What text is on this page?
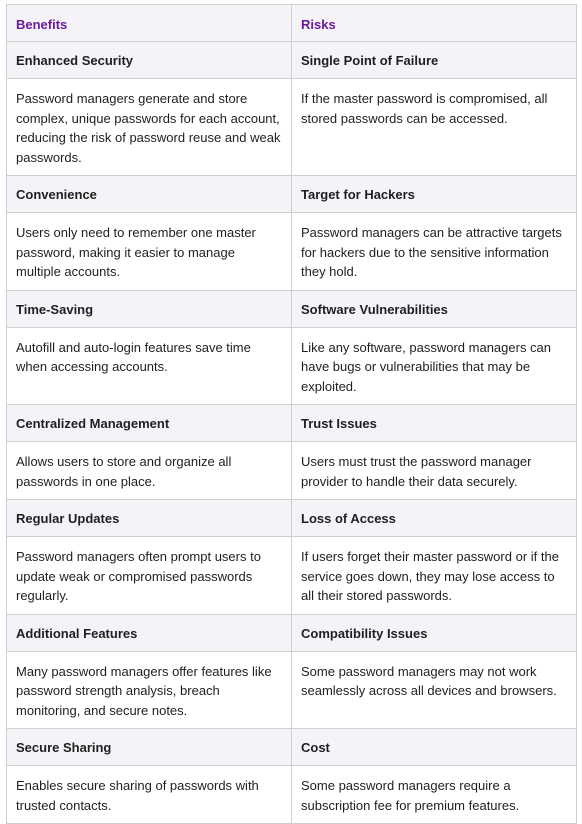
Benefits	Risks
Enhanced Security	Single Point of Failure
Password managers generate and store complex, unique passwords for each account, reducing the risk of password reuse and weak passwords.	If the master password is compromised, all stored passwords can be accessed.
Convenience	Target for Hackers
Users only need to remember one master password, making it easier to manage multiple accounts.	Password managers can be attractive targets for hackers due to the sensitive information they hold.
Time-Saving	Software Vulnerabilities
Autofill and auto-login features save time when accessing accounts.	Like any software, password managers can have bugs or vulnerabilities that may be exploited.
Centralized Management	Trust Issues
Allows users to store and organize all passwords in one place.	Users must trust the password manager provider to handle their data securely.
Regular Updates	Loss of Access
Password managers often prompt users to update weak or compromised passwords regularly.	If users forget their master password or if the service goes down, they may lose access to all their stored passwords.
Additional Features	Compatibility Issues
Many password managers offer features like password strength analysis, breach monitoring, and secure notes.	Some password managers may not work seamlessly across all devices and browsers.
Secure Sharing	Cost
Enables secure sharing of passwords with trusted contacts.	Some password managers require a subscription fee for premium features.
